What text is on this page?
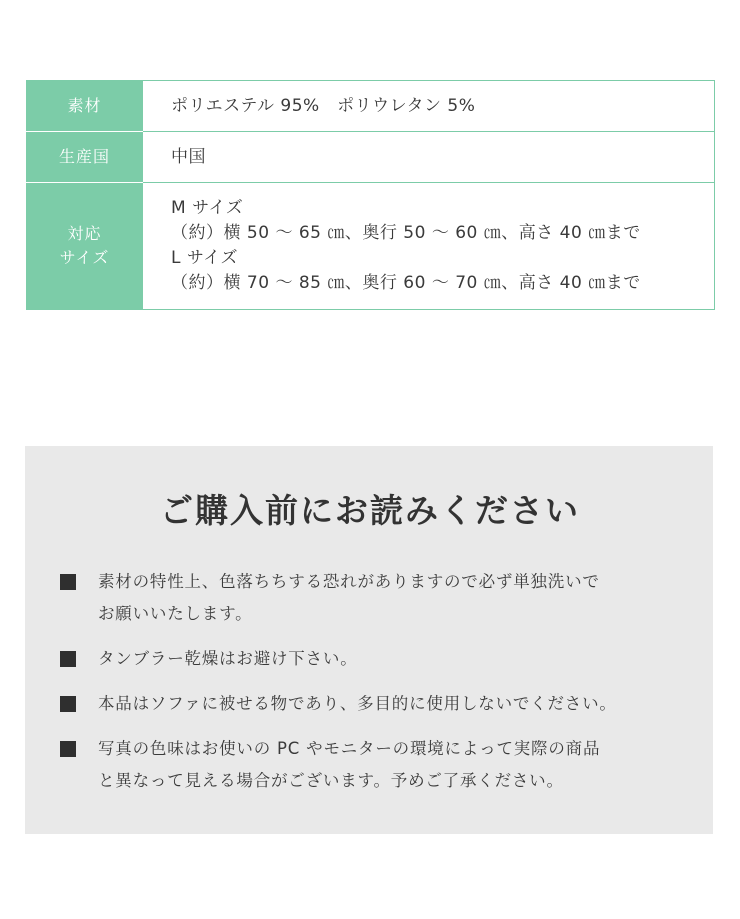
素材	ポリエステル 95%　ポリウレタン 5%

生産国	中国

対応
サイズ	M サイズ
（約）横 50 ～ 65 ㎝、奥行 50 ～ 60 ㎝、高さ 40 ㎝まで
L サイズ
（約）横 70 ～ 85 ㎝、奥行 60 ～ 70 ㎝、高さ 40 ㎝まで
ご購入前にお読みください
素材の特性上、色落ちちする恐れがありますので必ず単独洗いで
お願いいたします。
タンブラー乾燥はお避け下さい。
本品はソファに被せる物であり、多目的に使用しないでください。
写真の色味はお使いの PC やモニターの環境によって実際の商品
と異なって見える場合がございます。予めご了承ください。
